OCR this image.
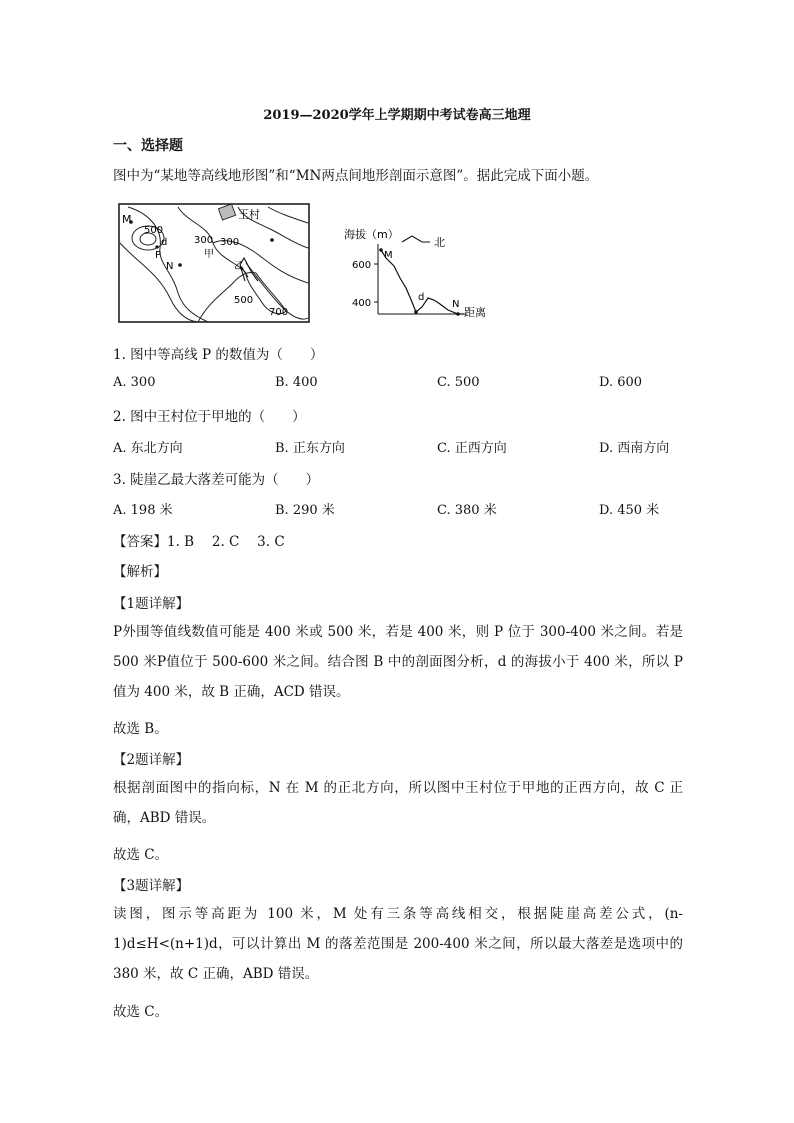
2019—2020学年上学期期中考试卷高三地理
一、选择题
图中为“某地等高线地形图”和“MN两点间地形剖面示意图”。据此完成下面小题。
M
500
d
P
N
王村
300 300
甲
乙
500
700
海拔（m）
北
600
400
M
d
N
距离
1. 图中等高线 P 的数值为（　　）
A. 300	B. 400	C. 500	D. 600
2. 图中王村位于甲地的（　　）
A. 东北方向	B. 正东方向	C. 正西方向	D. 西南方向
3. 陡崖乙最大落差可能为（　　）
A. 198 米	B. 290 米	C. 380 米	D. 450 米
【答案】1. B　 2. C　 3. C
【解析】
【1题详解】
P外围等值线数值可能是 400 米或 500 米，若是 400 米，则 P 位于 300-400 米之间。若是 500 米P值位于 500-600 米之间。结合图 B 中的剖面图分析，d 的海拔小于 400 米，所以 P 值为 400 米，故 B 正确，ACD 错误。
故选 B。
【2题详解】
根据剖面图中的指向标，N 在 M 的正北方向，所以图中王村位于甲地的正西方向，故 C 正确，ABD 错误。
故选 C。
【3题详解】
读图，图示等高距为 100 米，M 处有三条等高线相交，根据陡崖高差公式，(n-1)d≤H<(n+1)d，可以计算出 M 的落差范围是 200-400 米之间，所以最大落差是选项中的 380 米，故 C 正确，ABD 错误。
故选 C。
